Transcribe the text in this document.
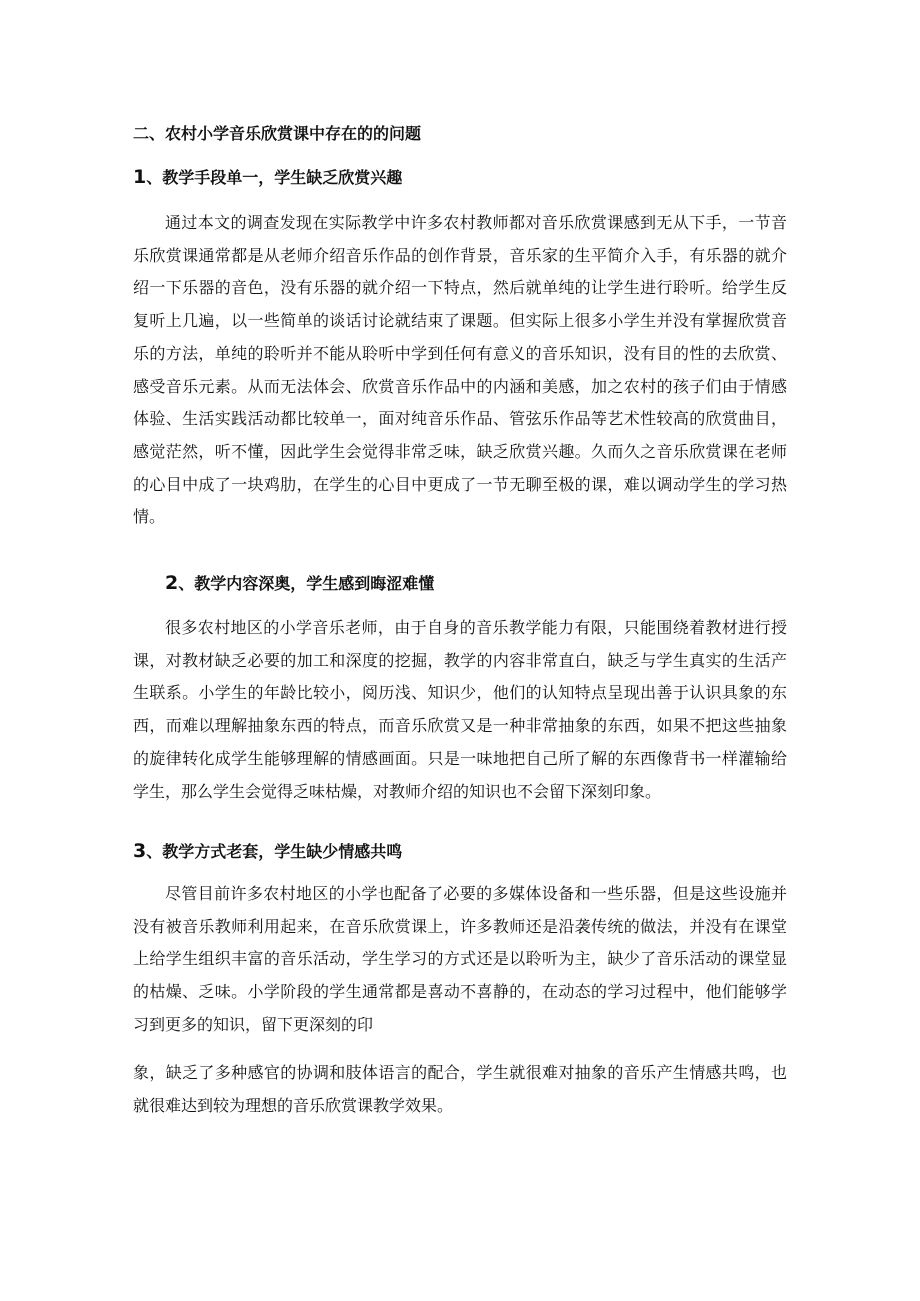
二、农村小学音乐欣赏课中存在的的问题
1、教学手段单一，学生缺乏欣赏兴趣

通过本文的调查发现在实际教学中许多农村教师都对音乐欣赏课感到无从下手，一节音乐欣赏课通常都是从老师介绍音乐作品的创作背景，音乐家的生平简介入手，有乐器的就介绍一下乐器的音色，没有乐器的就介绍一下特点，然后就单纯的让学生进行聆听。给学生反复听上几遍，以一些简单的谈话讨论就结束了课题。但实际上很多小学生并没有掌握欣赏音乐的方法，单纯的聆听并不能从聆听中学到任何有意义的音乐知识，没有目的性的去欣赏、感受音乐元素。从而无法体会、欣赏音乐作品中的内涵和美感，加之农村的孩子们由于情感体验、生活实践活动都比较单一，面对纯音乐作品、管弦乐作品等艺术性较高的欣赏曲目，感觉茫然，听不懂，因此学生会觉得非常乏味，缺乏欣赏兴趣。久而久之音乐欣赏课在老师的心目中成了一块鸡肋，在学生的心目中更成了一节无聊至极的课，难以调动学生的学习热情。

2、教学内容深奥，学生感到晦涩难懂

很多农村地区的小学音乐老师，由于自身的音乐教学能力有限，只能围绕着教材进行授课，对教材缺乏必要的加工和深度的挖掘，教学的内容非常直白，缺乏与学生真实的生活产生联系。小学生的年龄比较小，阅历浅、知识少，他们的认知特点呈现出善于认识具象的东西，而难以理解抽象东西的特点，而音乐欣赏又是一种非常抽象的东西，如果不把这些抽象的旋律转化成学生能够理解的情感画面。只是一味地把自己所了解的东西像背书一样灌输给学生，那么学生会觉得乏味枯燥，对教师介绍的知识也不会留下深刻印象。

3、教学方式老套，学生缺少情感共鸣

尽管目前许多农村地区的小学也配备了必要的多媒体设备和一些乐器，但是这些设施并没有被音乐教师利用起来，在音乐欣赏课上，许多教师还是沿袭传统的做法，并没有在课堂上给学生组织丰富的音乐活动，学生学习的方式还是以聆听为主，缺少了音乐活动的课堂显的枯燥、乏味。小学阶段的学生通常都是喜动不喜静的，在动态的学习过程中，他们能够学习到更多的知识，留下更深刻的印

象，缺乏了多种感官的协调和肢体语言的配合，学生就很难对抽象的音乐产生情感共鸣，也就很难达到较为理想的音乐欣赏课教学效果。
